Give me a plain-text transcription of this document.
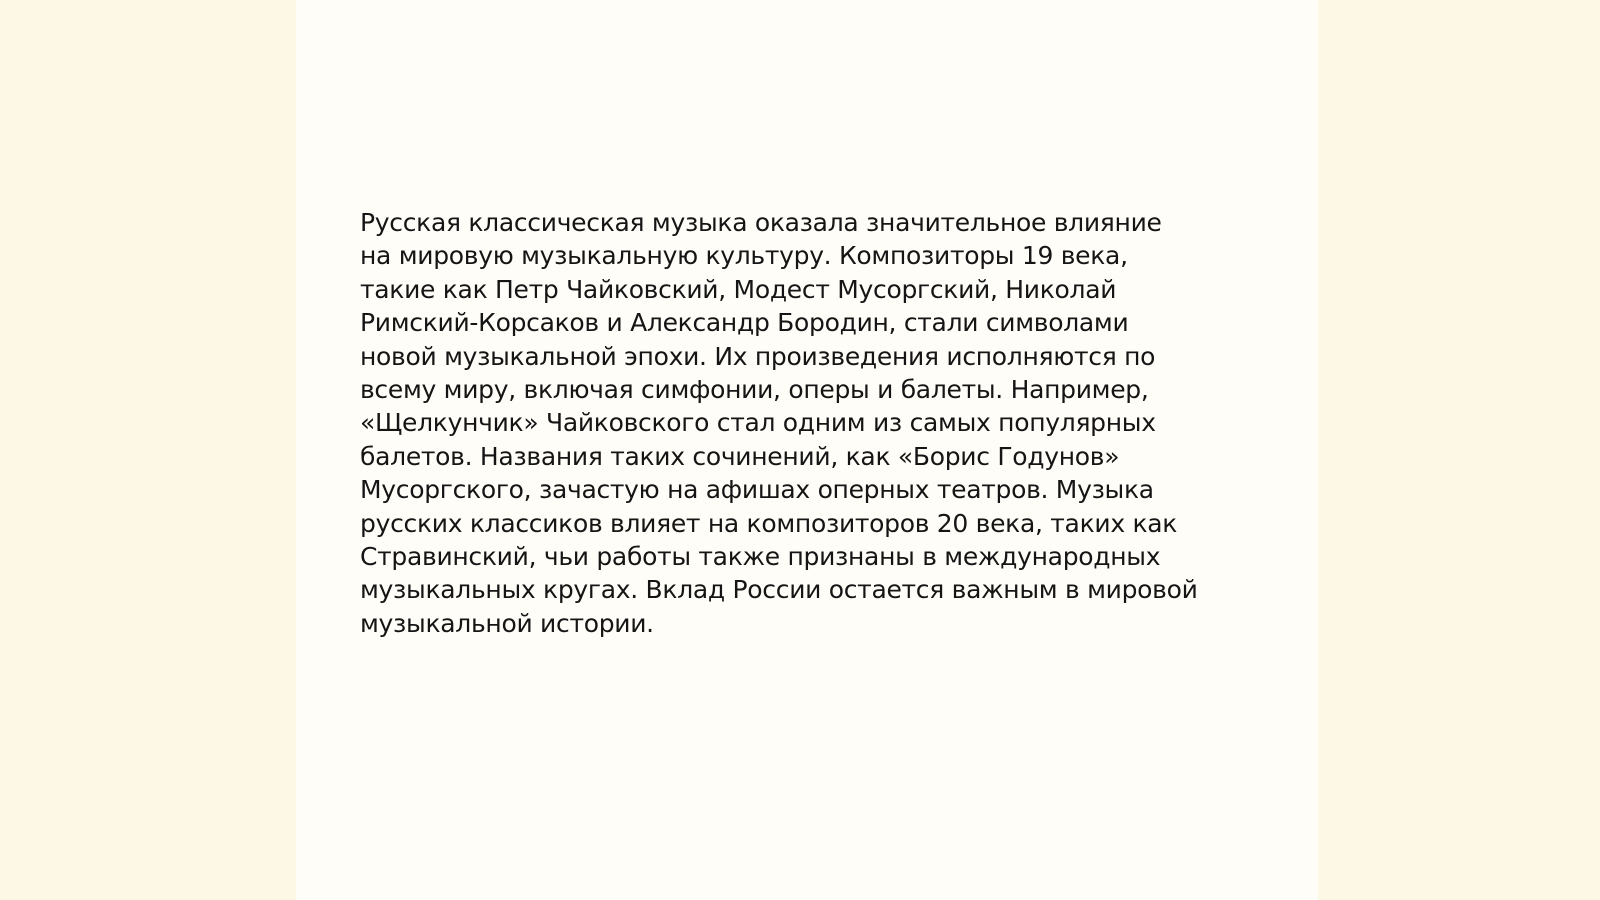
Русская классическая музыка оказала значительное влияние
на мировую музыкальную культуру. Композиторы 19 века,
такие как Петр Чайковский, Модест Мусоргский, Николай
Римский-Корсаков и Александр Бородин, стали символами
новой музыкальной эпохи. Их произведения исполняются по
всему миру, включая симфонии, оперы и балеты. Например,
«Щелкунчик» Чайковского стал одним из самых популярных
балетов. Названия таких сочинений, как «Борис Годунов»
Мусоргского, зачастую на афишах оперных театров. Музыка
русских классиков влияет на композиторов 20 века, таких как
Стравинский, чьи работы также признаны в международных
музыкальных кругах. Вклад России остается важным в мировой
музыкальной истории.
